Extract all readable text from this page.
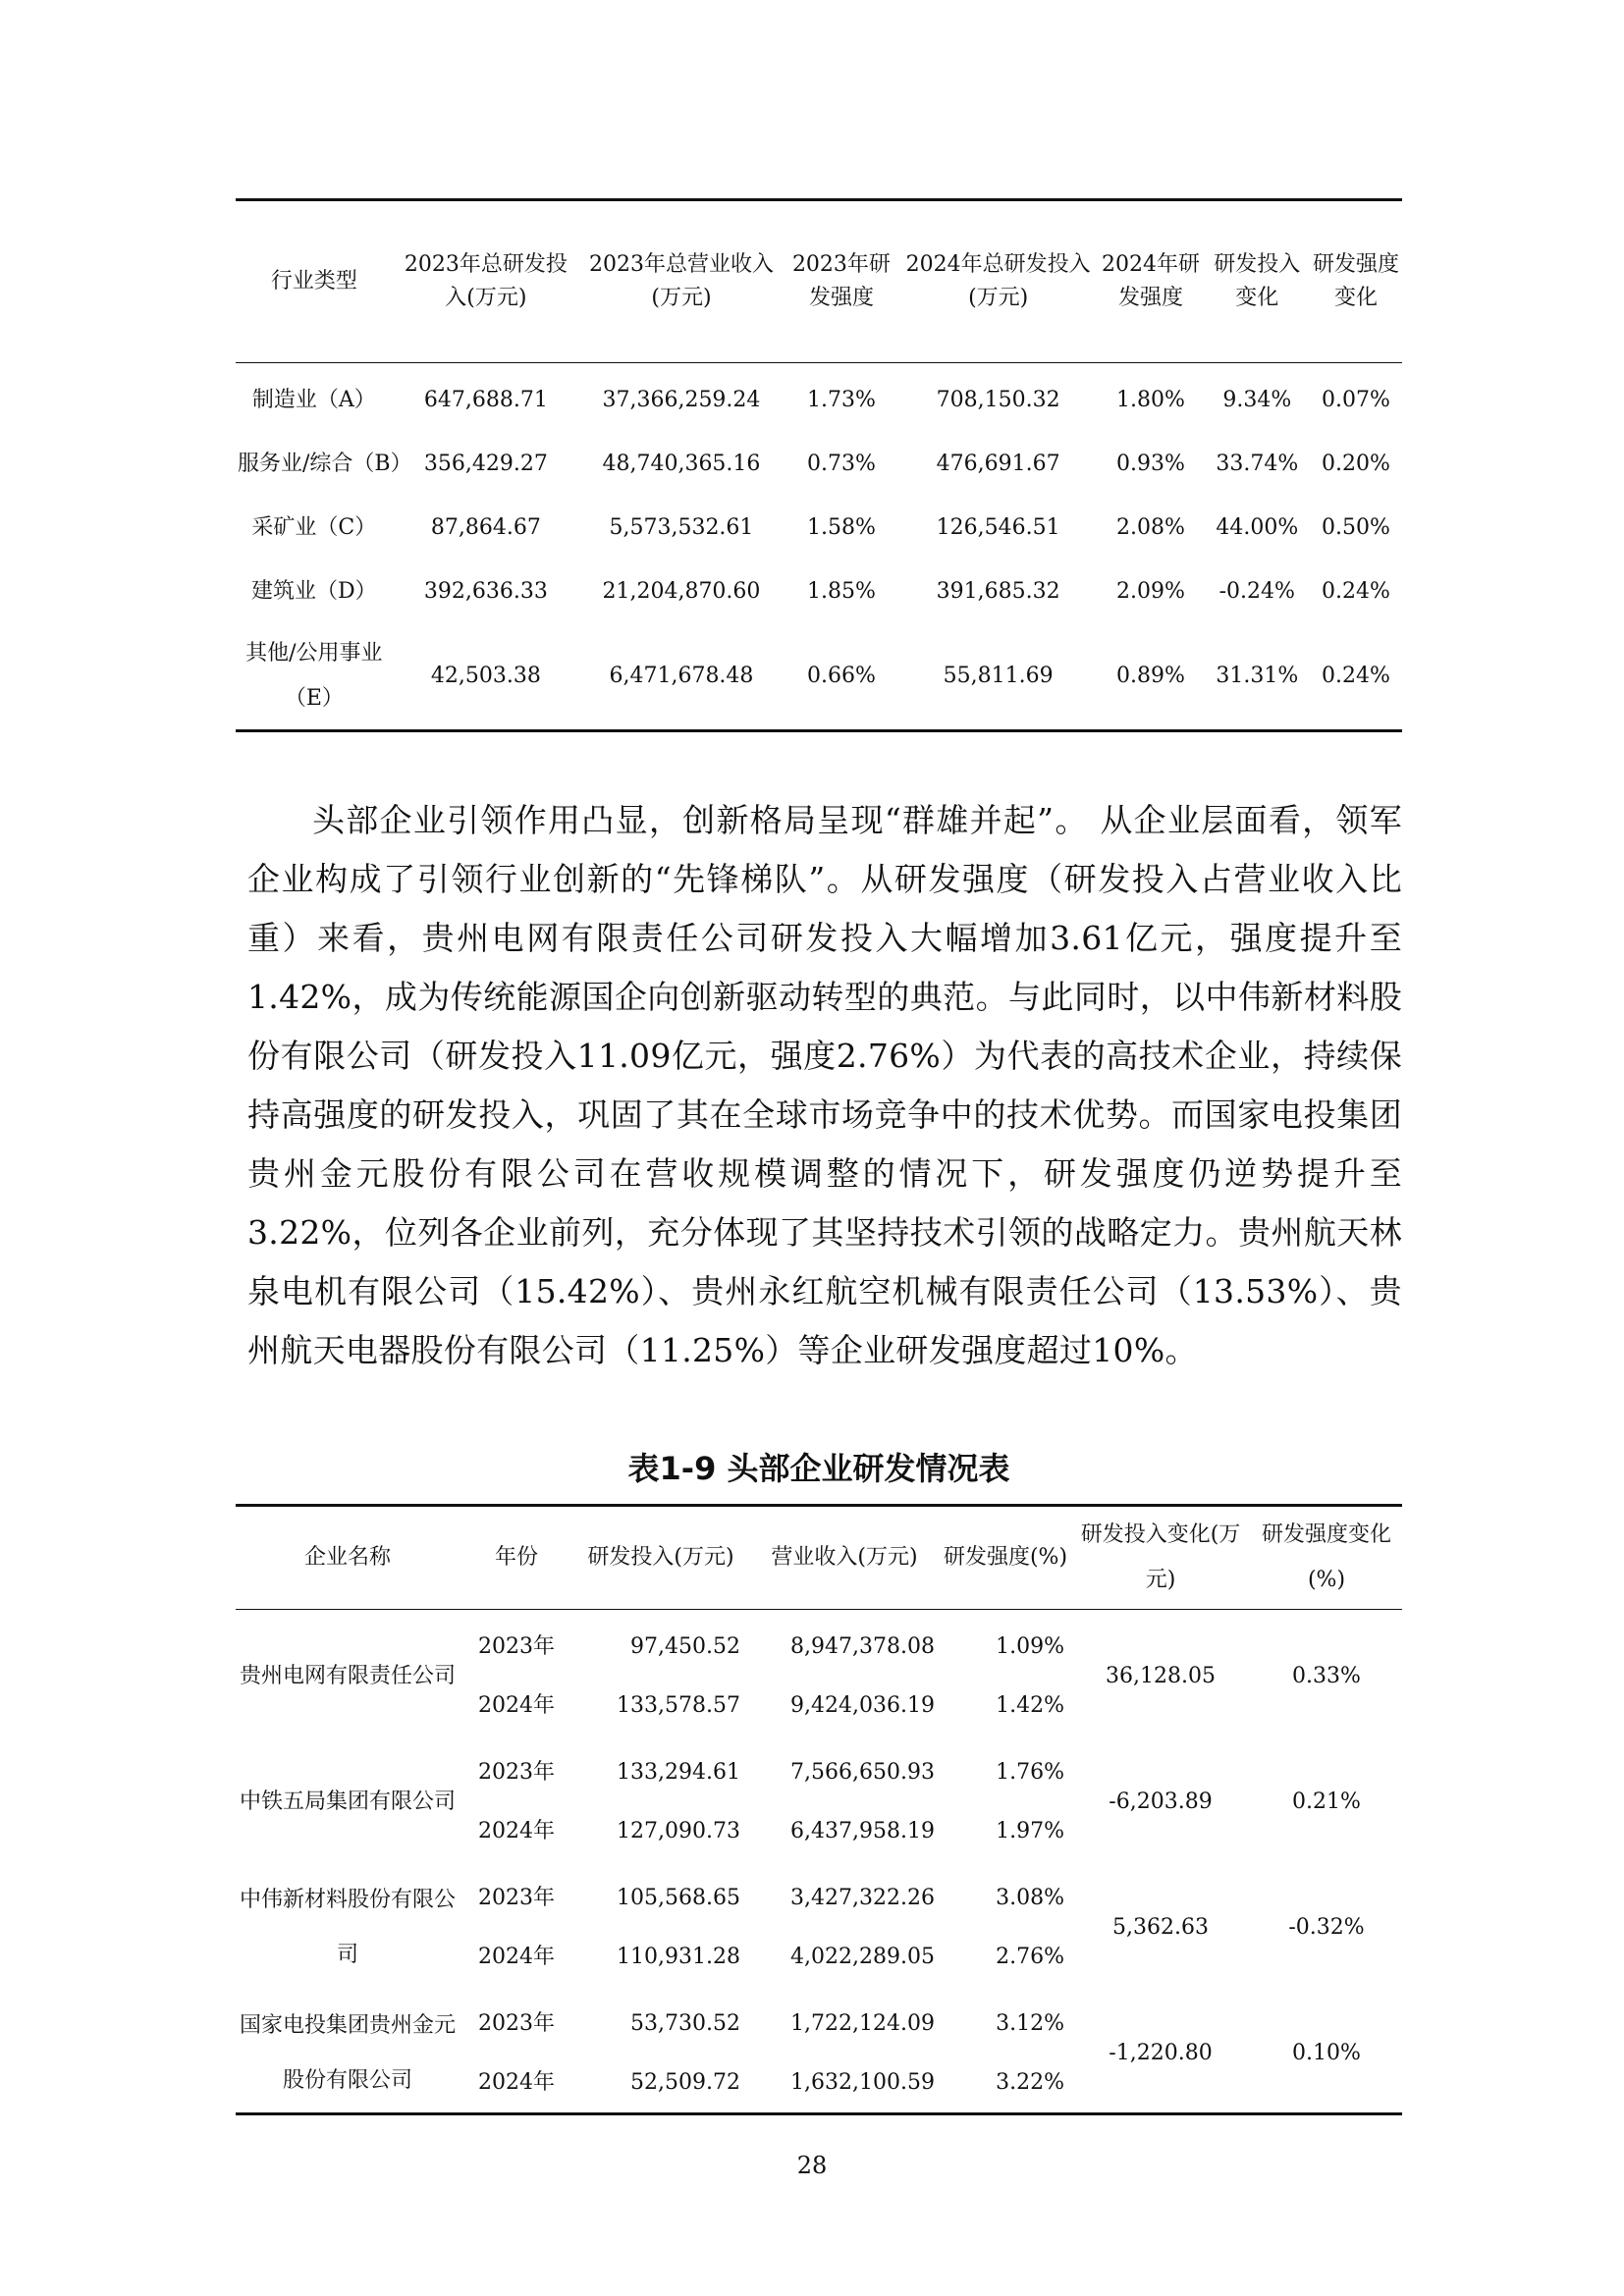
行业类型	2023年总研发投入(万元)	2023年总营业收入(万元)	2023年研发强度	2024年总研发投入(万元)	2024年研发强度	研发投入变化	研发强度变化
制造业（A）	647,688.71	37,366,259.24	1.73%	708,150.32	1.80%	9.34%	0.07%
服务业/综合（B）	356,429.27	48,740,365.16	0.73%	476,691.67	0.93%	33.74%	0.20%
采矿业（C）	87,864.67	5,573,532.61	1.58%	126,546.51	2.08%	44.00%	0.50%
建筑业（D）	392,636.33	21,204,870.60	1.85%	391,685.32	2.09%	-0.24%	0.24%
其他/公用事业（E）	42,503.38	6,471,678.48	0.66%	55,811.69	0.89%	31.31%	0.24%

头部企业引领作用凸显，创新格局呈现“群雄并起”。 从企业层面看，领军企业构成了引领行业创新的“先锋梯队”。从研发强度（研发投入占营业收入比重）来看，贵州电网有限责任公司研发投入大幅增加3.61亿元，强度提升至1.42%，成为传统能源国企向创新驱动转型的典范。与此同时，以中伟新材料股份有限公司（研发投入11.09亿元，强度2.76%）为代表的高技术企业，持续保持高强度的研发投入，巩固了其在全球市场竞争中的技术优势。而国家电投集团贵州金元股份有限公司在营收规模调整的情况下，研发强度仍逆势提升至3.22%，位列各企业前列，充分体现了其坚持技术引领的战略定力。贵州航天林泉电机有限公司（15.42%）、贵州永红航空机械有限责任公司（13.53%）、贵州航天电器股份有限公司（11.25%）等企业研发强度超过10%。

表1-9 头部企业研发情况表
企业名称	年份	研发投入(万元)	营业收入(万元)	研发强度(%)	研发投入变化(万元)	研发强度变化(%)
贵州电网有限责任公司	2023年	97,450.52	8,947,378.08	1.09%	36,128.05	0.33%
	2024年	133,578.57	9,424,036.19	1.42%		
中铁五局集团有限公司	2023年	133,294.61	7,566,650.93	1.76%	-6,203.89	0.21%
	2024年	127,090.73	6,437,958.19	1.97%		
中伟新材料股份有限公司	2023年	105,568.65	3,427,322.26	3.08%	5,362.63	-0.32%
	2024年	110,931.28	4,022,289.05	2.76%		
国家电投集团贵州金元股份有限公司	2023年	53,730.52	1,722,124.09	3.12%	-1,220.80	0.10%
	2024年	52,509.72	1,632,100.59	3.22%		
28
